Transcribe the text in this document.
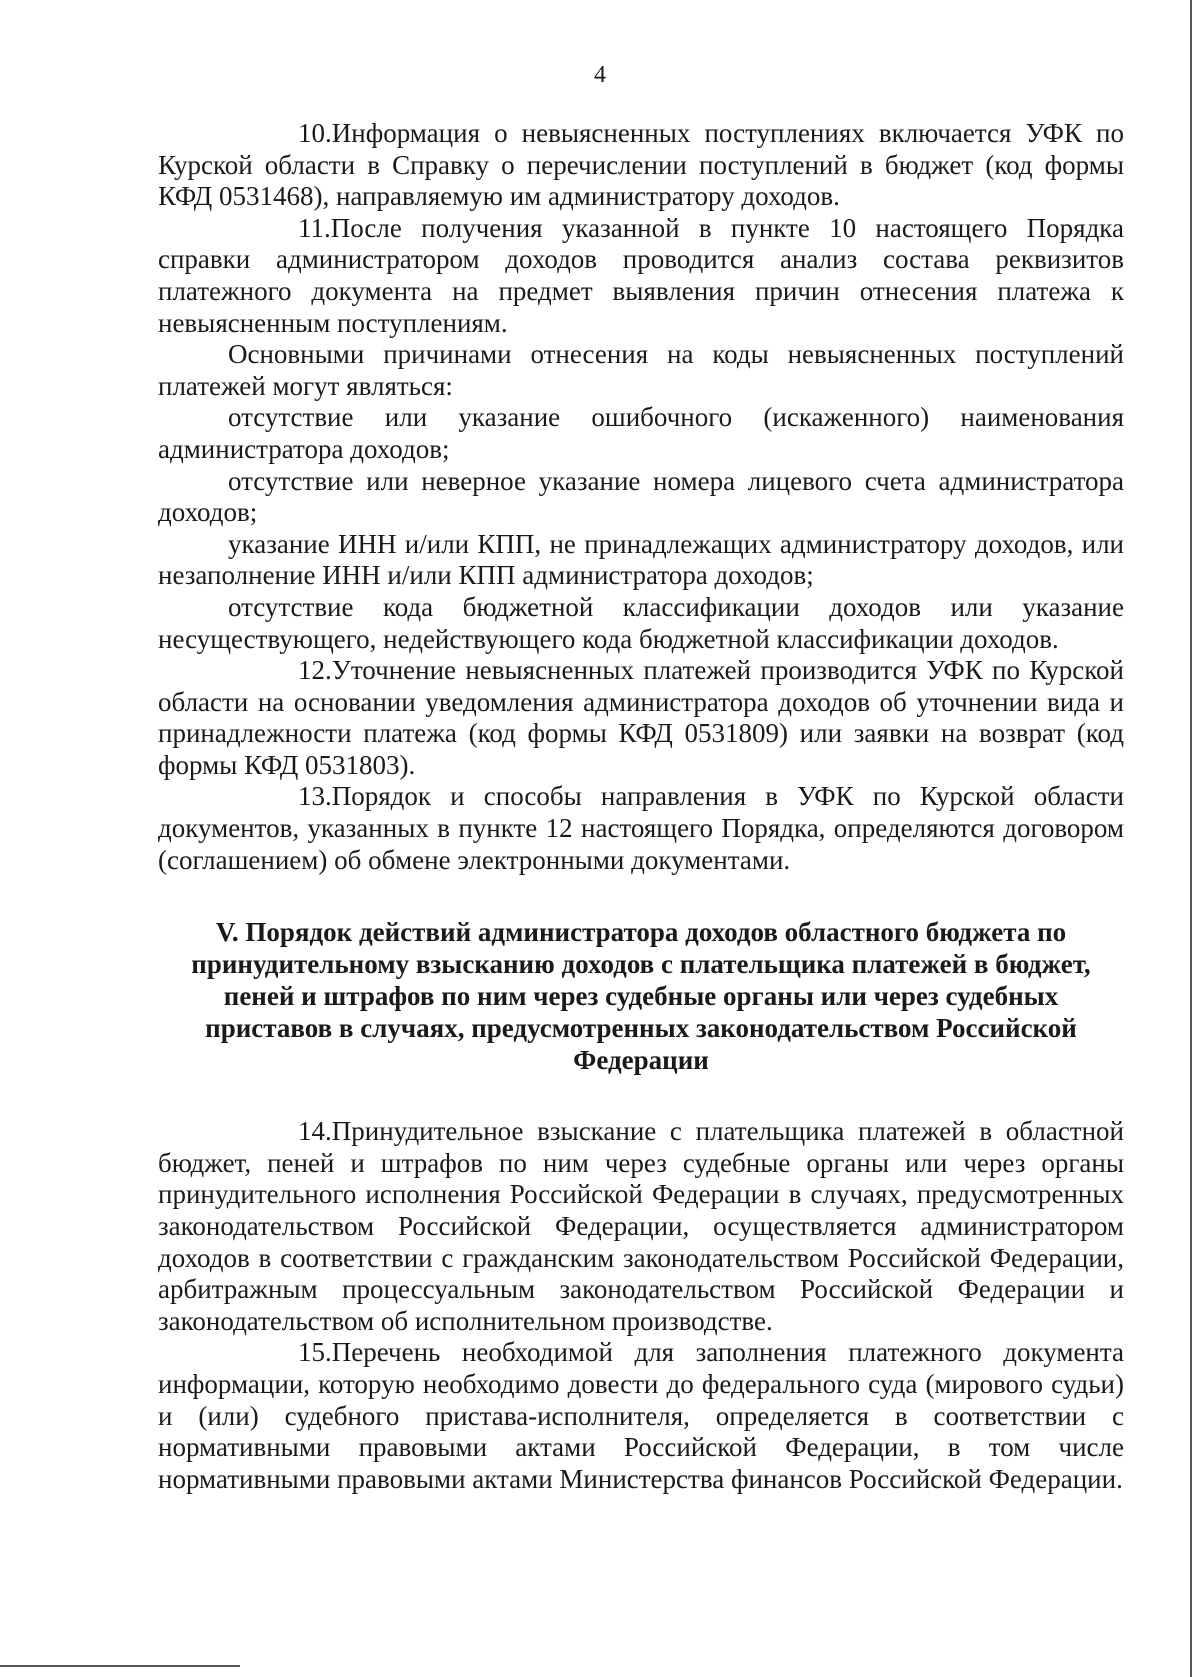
4

10.Информация о невыясненных поступлениях включается УФК по Курской области в Справку о перечислении поступлений в бюджет (код формы КФД 0531468), направляемую им администратору доходов.

11.После получения указанной в пункте 10 настоящего Порядка справки администратором доходов проводится анализ состава реквизитов платежного документа на предмет выявления причин отнесения платежа к невыясненным поступлениям.

Основными причинами отнесения на коды невыясненных поступлений платежей могут являться:

отсутствие или указание ошибочного (искаженного) наименования администратора доходов;

отсутствие или неверное указание номера лицевого счета администратора доходов;

указание ИНН и/или КПП, не принадлежащих администратору доходов, или незаполнение ИНН и/или КПП администратора доходов;

отсутствие кода бюджетной классификации доходов или указание несуществующего, недействующего кода бюджетной классификации доходов.

12.Уточнение невыясненных платежей производится УФК по Курской области на основании уведомления администратора доходов об уточнении вида и принадлежности платежа (код формы КФД 0531809) или заявки на возврат (код формы КФД 0531803).

13.Порядок и способы направления в УФК по Курской области документов, указанных в пункте 12 настоящего Порядка, определяются договором (соглашением) об обмене электронными документами.

V. Порядок действий администратора доходов областного бюджета по принудительному взысканию доходов с плательщика платежей в бюджет, пеней и штрафов по ним через судебные органы или через судебных приставов в случаях, предусмотренных законодательством Российской Федерации

14.Принудительное взыскание с плательщика платежей в областной бюджет, пеней и штрафов по ним через судебные органы или через органы принудительного исполнения Российской Федерации в случаях, предусмотренных законодательством Российской Федерации, осуществляется администратором доходов в соответствии с гражданским законодательством Российской Федерации, арбитражным процессуальным законодательством Российской Федерации и законодательством об исполнительном производстве.

15.Перечень необходимой для заполнения платежного документа информации, которую необходимо довести до федерального суда (мирового судьи) и (или) судебного пристава-исполнителя, определяется в соответствии с нормативными правовыми актами Российской Федерации, в том числе нормативными правовыми актами Министерства финансов Российской Федерации.
